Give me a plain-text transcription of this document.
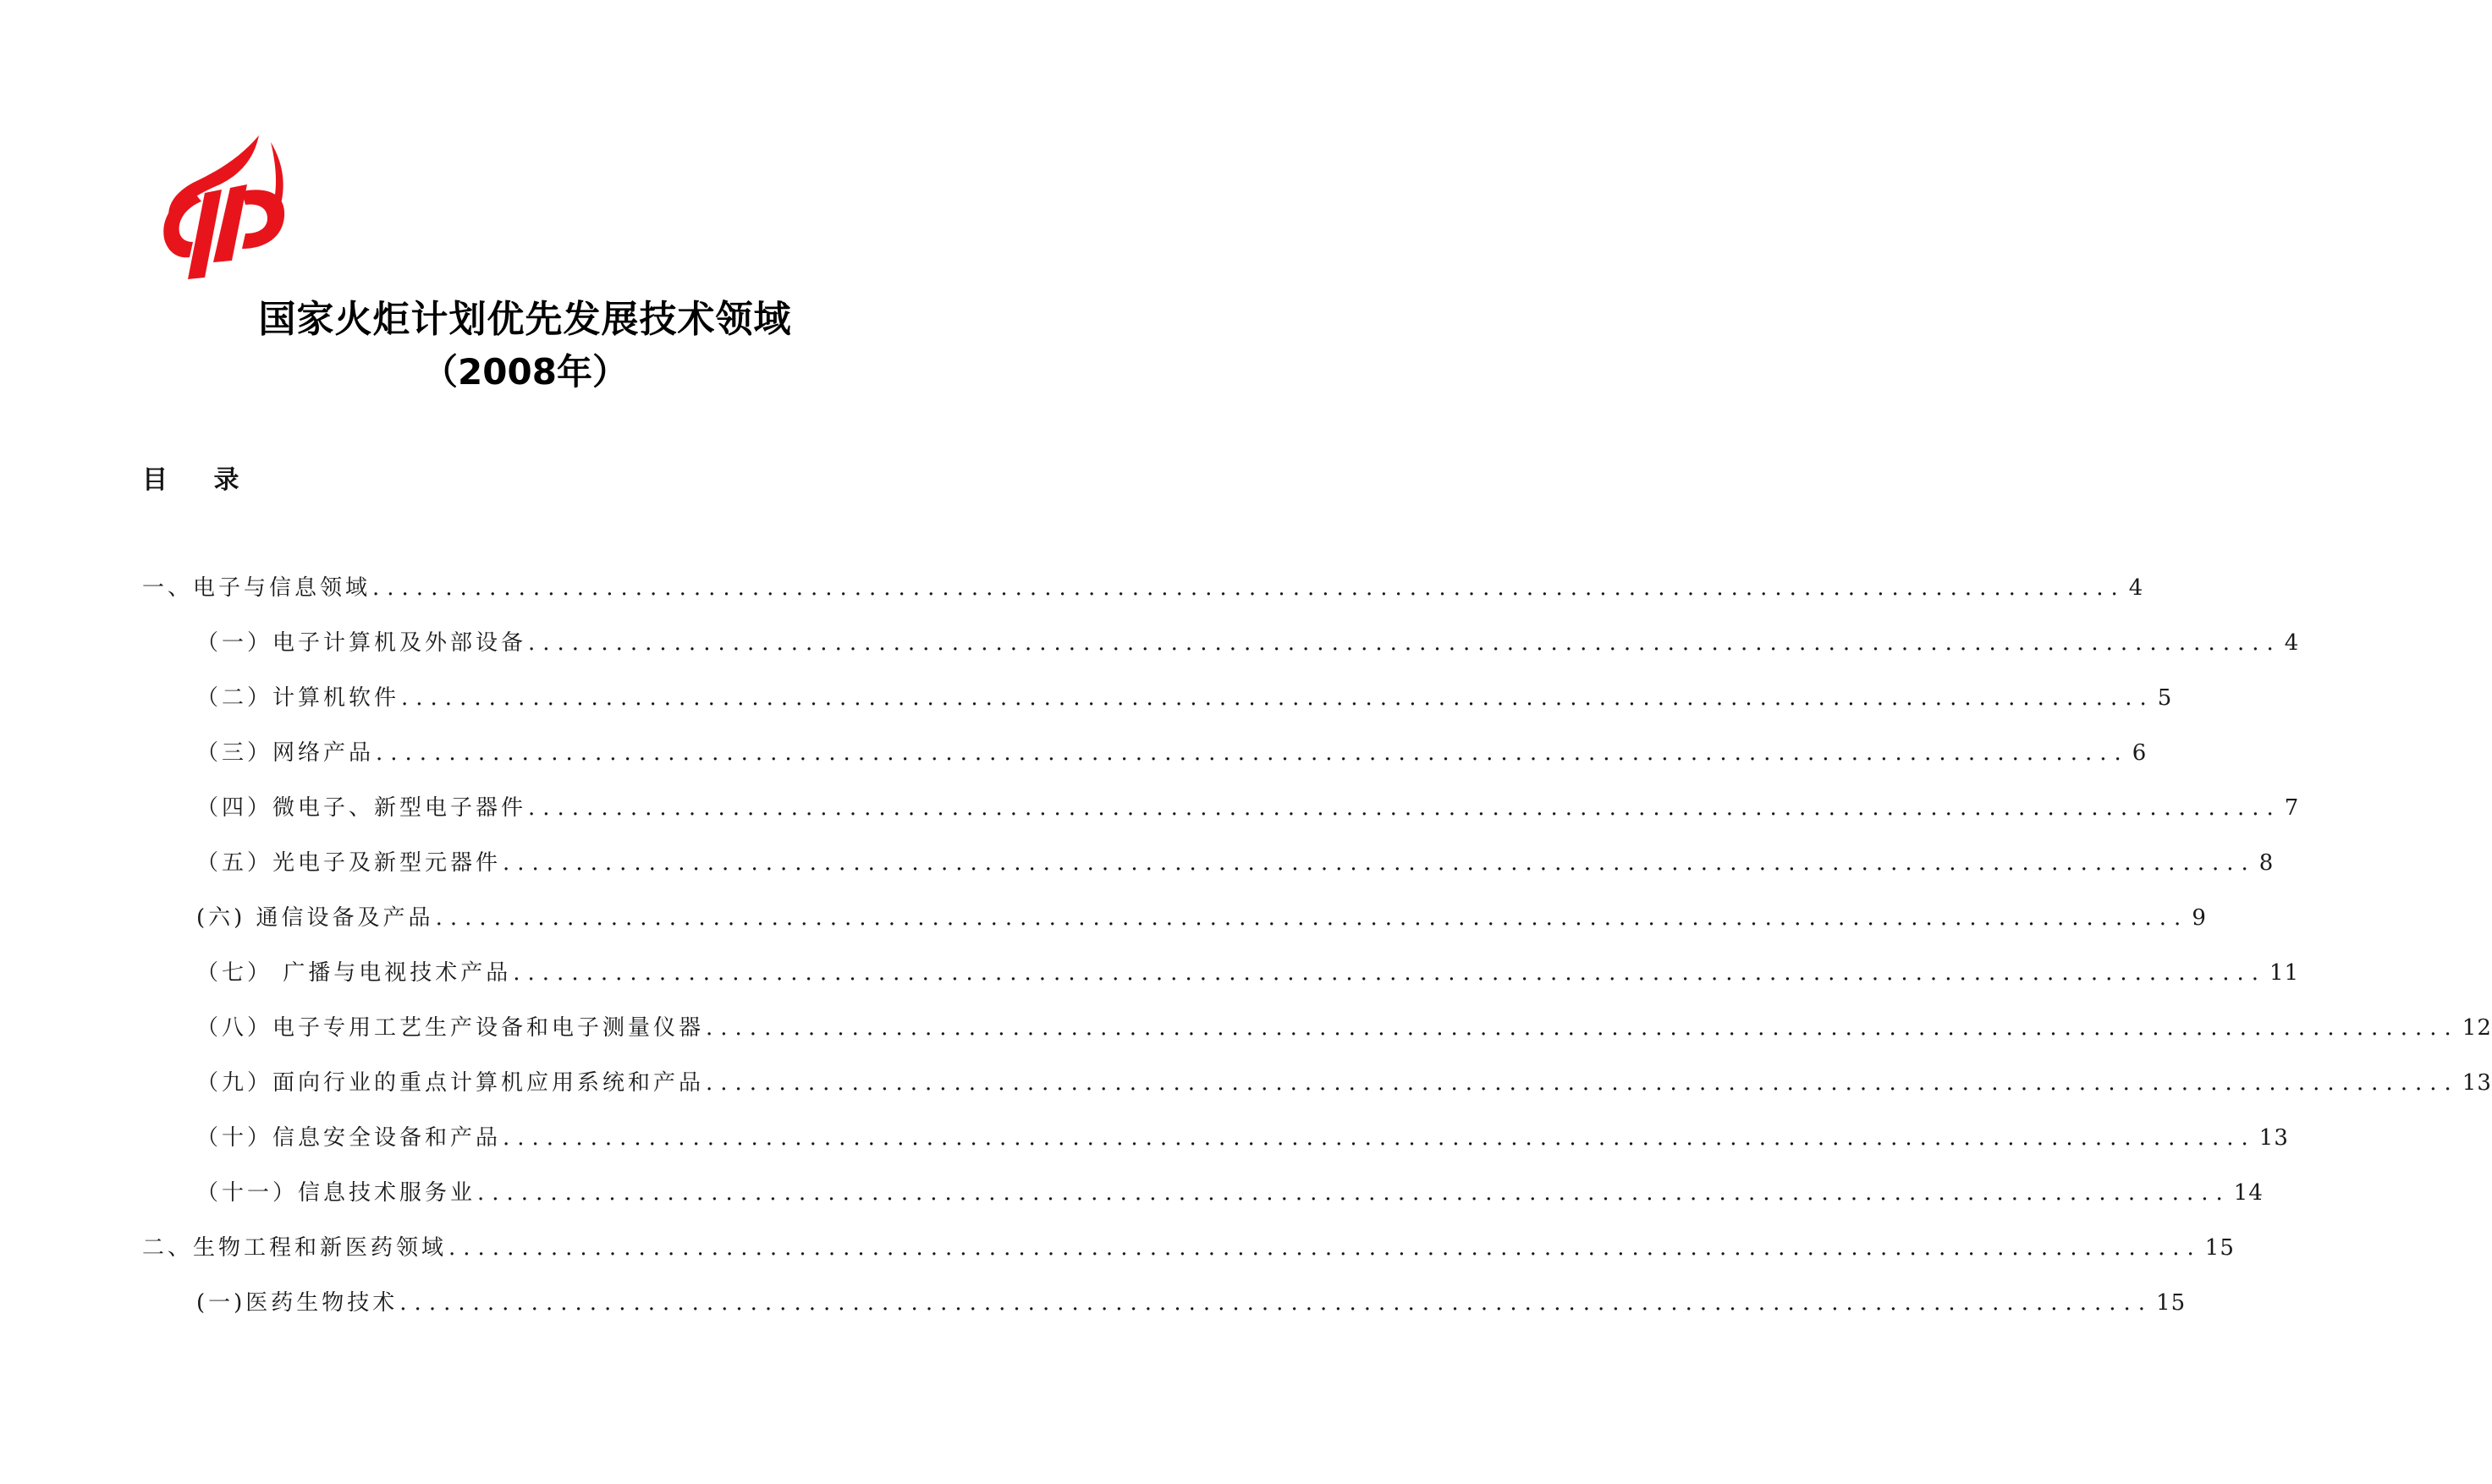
国家火炬计划优先发展技术领域
（2008年）
目 录
一、电子与信息领域 ........................................................................................................................ 4
（一）电子计算机及外部设备 ........................................................................................................................ 4
（二）计算机软件 ........................................................................................................................ 5
（三）网络产品 ........................................................................................................................ 6
（四）微电子、新型电子器件 ........................................................................................................................ 7
（五）光电子及新型元器件 ........................................................................................................................ 8
(六) 通信设备及产品 ........................................................................................................................ 9
（七） 广播与电视技术产品 ........................................................................................................................ 11
（八）电子专用工艺生产设备和电子测量仪器 ........................................................................................................................ 12
（九）面向行业的重点计算机应用系统和产品 ........................................................................................................................ 13
（十）信息安全设备和产品 ........................................................................................................................ 13
（十一）信息技术服务业 ........................................................................................................................ 14
二、生物工程和新医药领域 ........................................................................................................................ 15
(一)医药生物技术 ........................................................................................................................ 15
